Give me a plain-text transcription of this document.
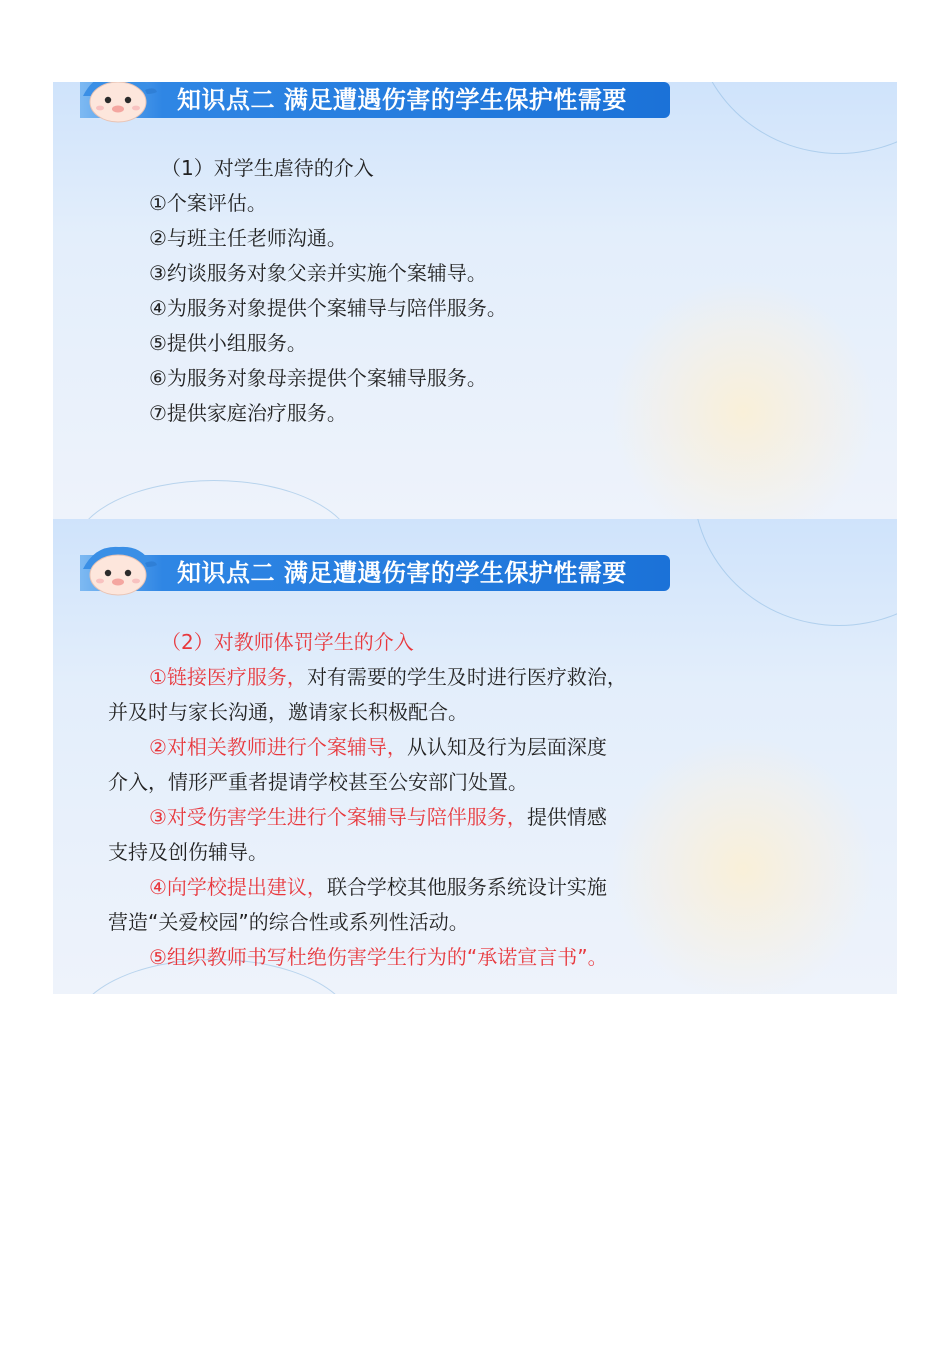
知识点二 满足遭遇伤害的学生保护性需要
（1）对学生虐待的介入
①个案评估。
②与班主任老师沟通。
③约谈服务对象父亲并实施个案辅导。
④为服务对象提供个案辅导与陪伴服务。
⑤提供小组服务。
⑥为服务对象母亲提供个案辅导服务。
⑦提供家庭治疗服务。
知识点二 满足遭遇伤害的学生保护性需要
（2）对教师体罚学生的介入
①链接医疗服务，对有需要的学生及时进行医疗救治，
并及时与家长沟通，邀请家长积极配合。
②对相关教师进行个案辅导，从认知及行为层面深度
介入，情形严重者提请学校甚至公安部门处置。
③对受伤害学生进行个案辅导与陪伴服务，提供情感
支持及创伤辅导。
④向学校提出建议，联合学校其他服务系统设计实施
营造“关爱校园”的综合性或系列性活动。
⑤组织教师书写杜绝伤害学生行为的“承诺宣言书”。
